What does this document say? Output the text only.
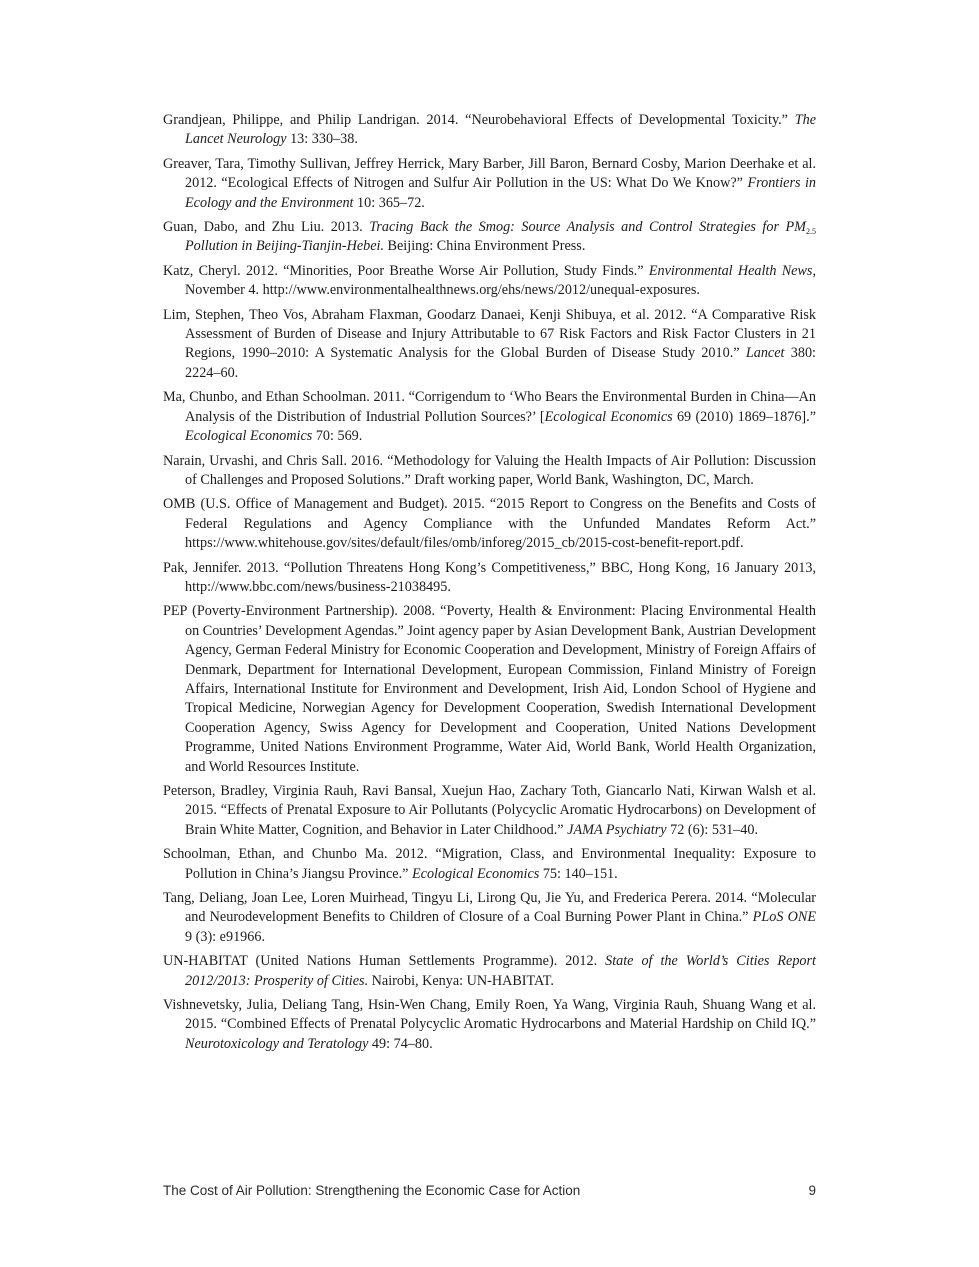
Grandjean, Philippe, and Philip Landrigan. 2014. “Neurobehavioral Effects of Developmental Toxicity.” The Lancet Neurology 13: 330–38.

Greaver, Tara, Timothy Sullivan, Jeffrey Herrick, Mary Barber, Jill Baron, Bernard Cosby, Marion Deerhake et al. 2012. “Ecological Effects of Nitrogen and Sulfur Air Pollution in the US: What Do We Know?” Frontiers in Ecology and the Environment 10: 365–72.

Guan, Dabo, and Zhu Liu. 2013. Tracing Back the Smog: Source Analysis and Control Strategies for $PM_{2.5}$ Pollution in Beijing-Tianjin-Hebei. Beijing: China Environment Press.

Katz, Cheryl. 2012. “Minorities, Poor Breathe Worse Air Pollution, Study Finds.” Environmental Health News, November 4. http://www.environmentalhealthnews.org/ehs/news/2012/unequal-exposures.

Lim, Stephen, Theo Vos, Abraham Flaxman, Goodarz Danaei, Kenji Shibuya, et al. 2012. “A Comparative Risk Assessment of Burden of Disease and Injury Attributable to 67 Risk Factors and Risk Factor Clusters in 21 Regions, 1990–2010: A Systematic Analysis for the Global Burden of Disease Study 2010.” Lancet 380: 2224–60.

Ma, Chunbo, and Ethan Schoolman. 2011. “Corrigendum to ‘Who Bears the Environmental Burden in China—An Analysis of the Distribution of Industrial Pollution Sources?’ [Ecological Economics 69 (2010) 1869–1876].” Ecological Economics 70: 569.

Narain, Urvashi, and Chris Sall. 2016. “Methodology for Valuing the Health Impacts of Air Pollution: Discussion of Challenges and Proposed Solutions.” Draft working paper, World Bank, Washington, DC, March.

OMB (U.S. Office of Management and Budget). 2015. “2015 Report to Congress on the Benefits and Costs of Federal Regulations and Agency Compliance with the Unfunded Mandates Reform Act.” https://www.whitehouse.gov/sites/default/files/omb/inforeg/2015_cb/2015-cost-benefit-report​.pdf.

Pak, Jennifer. 2013. “Pollution Threatens Hong Kong’s Competitiveness,” BBC, Hong Kong, 16 January 2013, http://www.bbc.com/news/business-21038495.

PEP (Poverty-Environment Partnership). 2008. “Poverty, Health & Environment: Placing Environmental Health on Countries’ Development Agendas.” Joint agency paper by Asian Development Bank, Austrian Development Agency, German Federal Ministry for Economic Cooperation and Development, Ministry of Foreign Affairs of Denmark, Department for International Development, European Commission, Finland Ministry of Foreign Affairs, International Institute for Environment and Development, Irish Aid, London School of Hygiene and Tropical Medicine, Norwegian Agency for Development Cooperation, Swedish International Development Cooperation Agency, Swiss Agency for Development and Cooperation, United Nations Development Programme, United Nations Environment Programme, Water Aid, World Bank, World Health Organization, and World Resources Institute.

Peterson, Bradley, Virginia Rauh, Ravi Bansal, Xuejun Hao, Zachary Toth, Giancarlo Nati, Kirwan Walsh et al. 2015. “Effects of Prenatal Exposure to Air Pollutants (Polycyclic Aromatic Hydrocarbons) on Development of Brain White Matter, Cognition, and Behavior in Later Childhood.” JAMA Psychiatry 72 (6): 531–40.

Schoolman, Ethan, and Chunbo Ma. 2012. “Migration, Class, and Environmental Inequality: Exposure to Pollution in China’s Jiangsu Province.” Ecological Economics 75: 140–151.

Tang, Deliang, Joan Lee, Loren Muirhead, Tingyu Li, Lirong Qu, Jie Yu, and Frederica Perera. 2014. “Molecular and Neurodevelopment Benefits to Children of Closure of a Coal Burning Power Plant in China.” PLoS ONE 9 (3): e91966.

UN-HABITAT (United Nations Human Settlements Programme). 2012. State of the World’s Cities Report 2012/2013: Prosperity of Cities. Nairobi, Kenya: UN-HABITAT.

Vishnevetsky, Julia, Deliang Tang, Hsin-Wen Chang, Emily Roen, Ya Wang, Virginia Rauh, Shuang Wang et al. 2015. “Combined Effects of Prenatal Polycyclic Aromatic Hydrocarbons and Material Hardship on Child IQ.” Neurotoxicology and Teratology 49: 74–80.

The Cost of Air Pollution: Strengthening the Economic Case for Action	9
